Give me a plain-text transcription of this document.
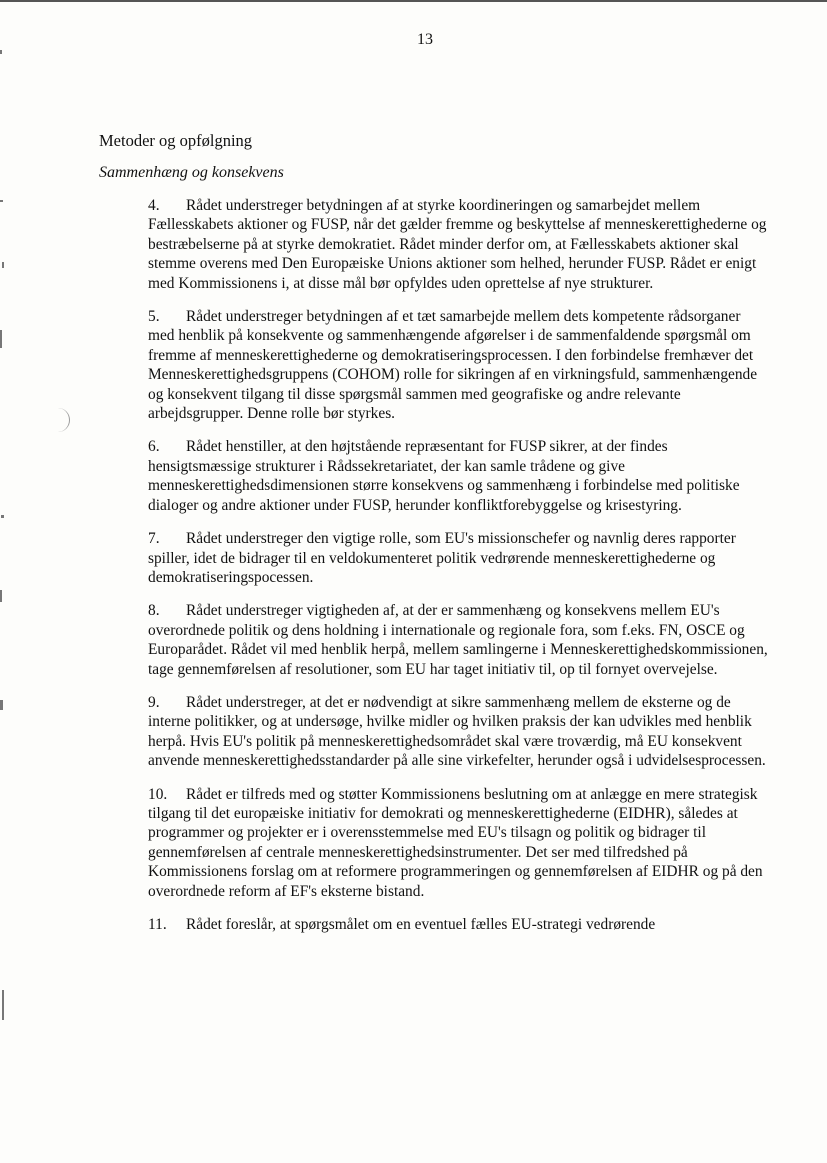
13
Metoder og opfølgning
Sammenhæng og konsekvens

4. Rådet understreger betydningen af at styrke koordineringen og samarbejdet mellem Fællesskabets aktioner og FUSP, når det gælder fremme og beskyttelse af menneskerettighederne og bestræbelserne på at styrke demokratiet. Rådet minder derfor om, at Fællesskabets aktioner skal stemme overens med Den Europæiske Unions aktioner som helhed, herunder FUSP. Rådet er enigt med Kommissionens i, at disse mål bør opfyldes uden oprettelse af nye strukturer.

5. Rådet understreger betydningen af et tæt samarbejde mellem dets kompetente rådsorganer med henblik på konsekvente og sammenhængende afgørelser i de sammenfaldende spørgsmål om fremme af menneskerettighederne og demokratiseringsprocessen. I den forbindelse fremhæver det Menneskerettighedsgruppens (COHOM) rolle for sikringen af en virkningsfuld, sammenhængende og konsekvent tilgang til disse spørgsmål sammen med geografiske og andre relevante arbejdsgrupper. Denne rolle bør styrkes.

6. Rådet henstiller, at den højtstående repræsentant for FUSP sikrer, at der findes hensigtsmæssige strukturer i Rådssekretariatet, der kan samle trådene og give menneskerettighedsdimensionen større konsekvens og sammenhæng i forbindelse med politiske dialoger og andre aktioner under FUSP, herunder konfliktforebyggelse og krisestyring.

7. Rådet understreger den vigtige rolle, som EU's missionschefer og navnlig deres rapporter spiller, idet de bidrager til en veldokumenteret politik vedrørende menneskerettighederne og demokratiseringspocessen.

8. Rådet understreger vigtigheden af, at der er sammenhæng og konsekvens mellem EU's overordnede politik og dens holdning i internationale og regionale fora, som f.eks. FN, OSCE og Europarådet. Rådet vil med henblik herpå, mellem samlingerne i Menneskerettighedskommissionen, tage gennemførelsen af resolutioner, som EU har taget initiativ til, op til fornyet overvejelse.

9. Rådet understreger, at det er nødvendigt at sikre sammenhæng mellem de eksterne og de interne politikker, og at undersøge, hvilke midler og hvilken praksis der kan udvikles med henblik herpå. Hvis EU's politik på menneskerettighedsområdet skal være troværdig, må EU konsekvent anvende menneskerettighedsstandarder på alle sine virkefelter, herunder også i udvidelsesprocessen.

10. Rådet er tilfreds med og støtter Kommissionens beslutning om at anlægge en mere strategisk tilgang til det europæiske initiativ for demokrati og menneskerettighederne (EIDHR), således at programmer og projekter er i overensstemmelse med EU's tilsagn og politik og bidrager til gennemførelsen af centrale menneskerettighedsinstrumenter. Det ser med tilfredshed på Kommissionens forslag om at reformere programmeringen og gennemførelsen af EIDHR og på den overordnede reform af EF's eksterne bistand.

11. Rådet foreslår, at spørgsmålet om en eventuel fælles EU-strategi vedrørende
